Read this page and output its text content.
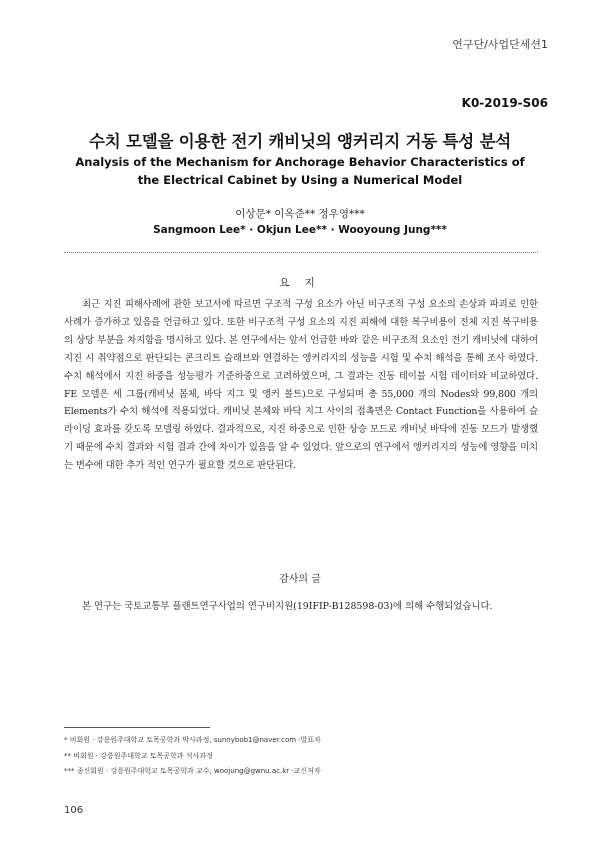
연구단/사업단세션1
K0-2019-S06
수치 모델을 이용한 전기 캐비닛의 앵커리지 거동 특성 분석
Analysis of the Mechanism for Anchorage Behavior Characteristics of
the Electrical Cabinet by Using a Numerical Model
이상문* 이옥준** 정우영***
Sangmoon Lee* · Okjun Lee** · Wooyoung Jung***
요 지
최근 지진 피해사례에 관한 보고서에 따르면 구조적 구성 요소가 아닌 비구조적 구성 요소의 손상과 파괴로 인한 사례가 증가하고 있음을 언급하고 있다. 또한 비구조적 구성 요소의 지진 피해에 대한 복구비용이 전체 지진 복구비용의 상당 부분을 차지함을 명시하고 있다. 본 연구에서는 앞서 언급한 바와 같은 비구조적 요소인 전기 캐비닛에 대하여 지진 시 취약점으로 판단되는 콘크리트 슬래브와 연결하는 앵커리지의 성능을 시험 및 수치 해석을 통해 조사 하였다. 수치 해석에서 지진 하중을 성능평가 기준하중으로 고려하였으며, 그 결과는 진동 테이블 시험 데이터와 비교하였다. FE 모델은 세 그룹(캐비닛 몸체, 바닥 지그 및 앵커 볼트)으로 구성되며 총 55,000 개의 Nodes와 99,800 개의 Elements가 수치 해석에 적용되었다. 캐비닛 본체와 바닥 지그 사이의 접촉면은 Contact Function을 사용하여 슬라이딩 효과를 갖도록 모델링 하였다. 결과적으로, 지진 하중으로 인한 상승 모드로 캐비닛 바닥에 진동 모드가 발생했기 때문에 수치 결과와 시험 결과 간에 차이가 있음을 알 수 있었다. 앞으로의 연구에서 앵커리지의 성능에 영향을 미치는 변수에 대한 추가 적인 연구가 필요할 것으로 판단된다.
감사의 글
본 연구는 국토교통부 플랜트연구사업의 연구비지원(19IFIP-B128598-03)에 의해 수행되었습니다.
* 비회원 · 강릉원주대학교 토목공학과 박사과정, sunnybob1@naver.com ·발표자
** 비회원 · 강릉원주대학교 토목공학과 석사과정
*** 종신회원 · 강릉원주대학교 토목공학과 교수, woojung@gwnu.ac.kr ·교신저자
106
